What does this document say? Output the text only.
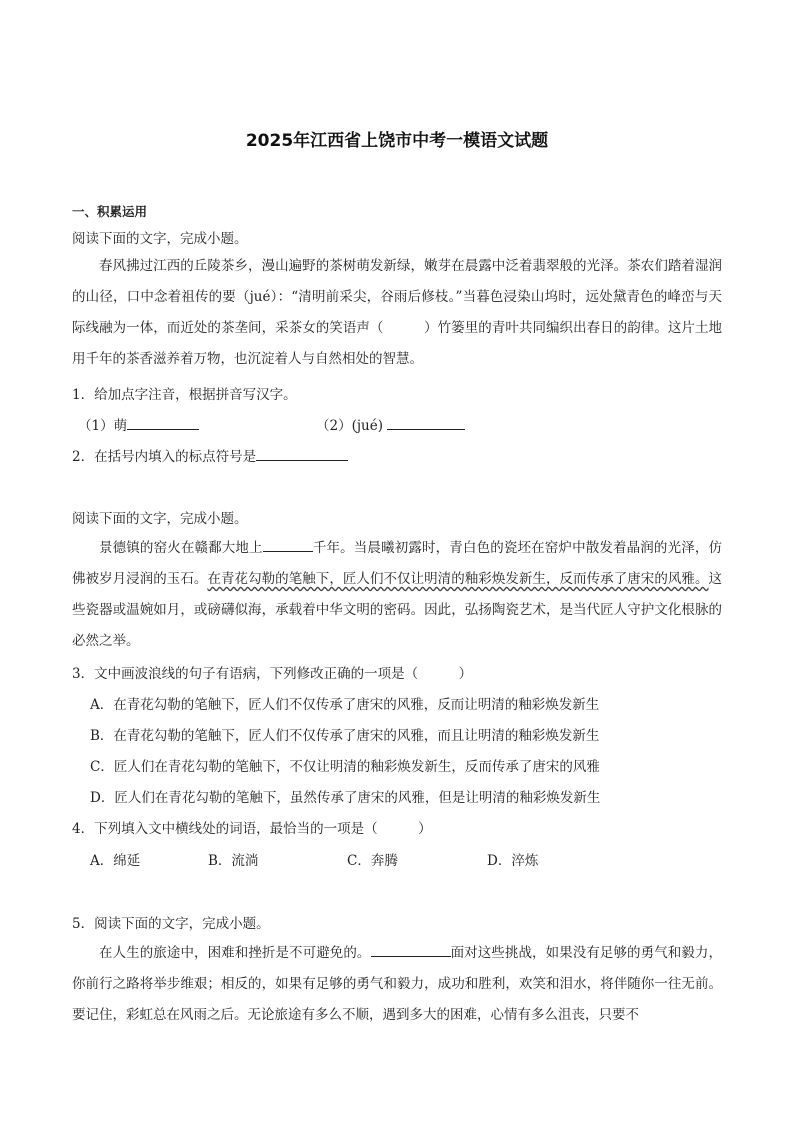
2025年江西省上饶市中考一模语文试题
一、积累运用
阅读下面的文字，完成小题。
春风拂过江西的丘陵茶乡，漫山遍野的茶树萌发新绿，嫩芽在晨露中泛着翡翠般的光泽。茶农们踏着湿润的山径，口中念着祖传的要（jué）：“清明前采尖，谷雨后修枝。”当暮色浸染山坞时，远处黛青色的峰峦与天际线融为一体，而近处的茶垄间，采茶女的笑语声（　　　）竹篓里的青叶共同编织出春日的韵律。这片土地用千年的茶香滋养着万物，也沉淀着人与自然相处的智慧。
1．给加点字注音，根据拼音写汉字。
（1）萌	（2）(jué)
2．在括号内填入的标点符号是
阅读下面的文字，完成小题。
景德镇的窑火在赣鄱大地上	千年。当晨曦初露时，青白色的瓷坯在窑炉中散发着晶润的光泽，仿佛被岁月浸润的玉石。在青花勾勒的笔触下，匠人们不仅让明清的釉彩焕发新生，反而传承了唐宋的风雅。这些瓷器或温婉如月，或磅礴似海，承载着中华文明的密码。因此，弘扬陶瓷艺术，是当代匠人守护文化根脉的必然之举。
3．文中画波浪线的句子有语病，下列修改正确的一项是（　　　）
A．在青花勾勒的笔触下，匠人们不仅传承了唐宋的风雅，反而让明清的釉彩焕发新生
B．在青花勾勒的笔触下，匠人们不仅传承了唐宋的风雅，而且让明清的釉彩焕发新生
C．匠人们在青花勾勒的笔触下，不仅让明清的釉彩焕发新生，反而传承了唐宋的风雅
D．匠人们在青花勾勒的笔触下，虽然传承了唐宋的风雅，但是让明清的釉彩焕发新生
4．下列填入文中横线处的词语，最恰当的一项是（　　　）
A．绵延	B．流淌	C．奔腾	D．淬炼
5．阅读下面的文字，完成小题。
在人生的旅途中，困难和挫折是不可避免的。	面对这些挑战，如果没有足够的勇气和毅力，你前行之路将举步维艰；相反的，如果有足够的勇气和毅力，成功和胜利，欢笑和泪水，将伴随你一往无前。要记住，彩虹总在风雨之后。无论旅途有多么不顺，遇到多大的困难，心情有多么沮丧，只要不
